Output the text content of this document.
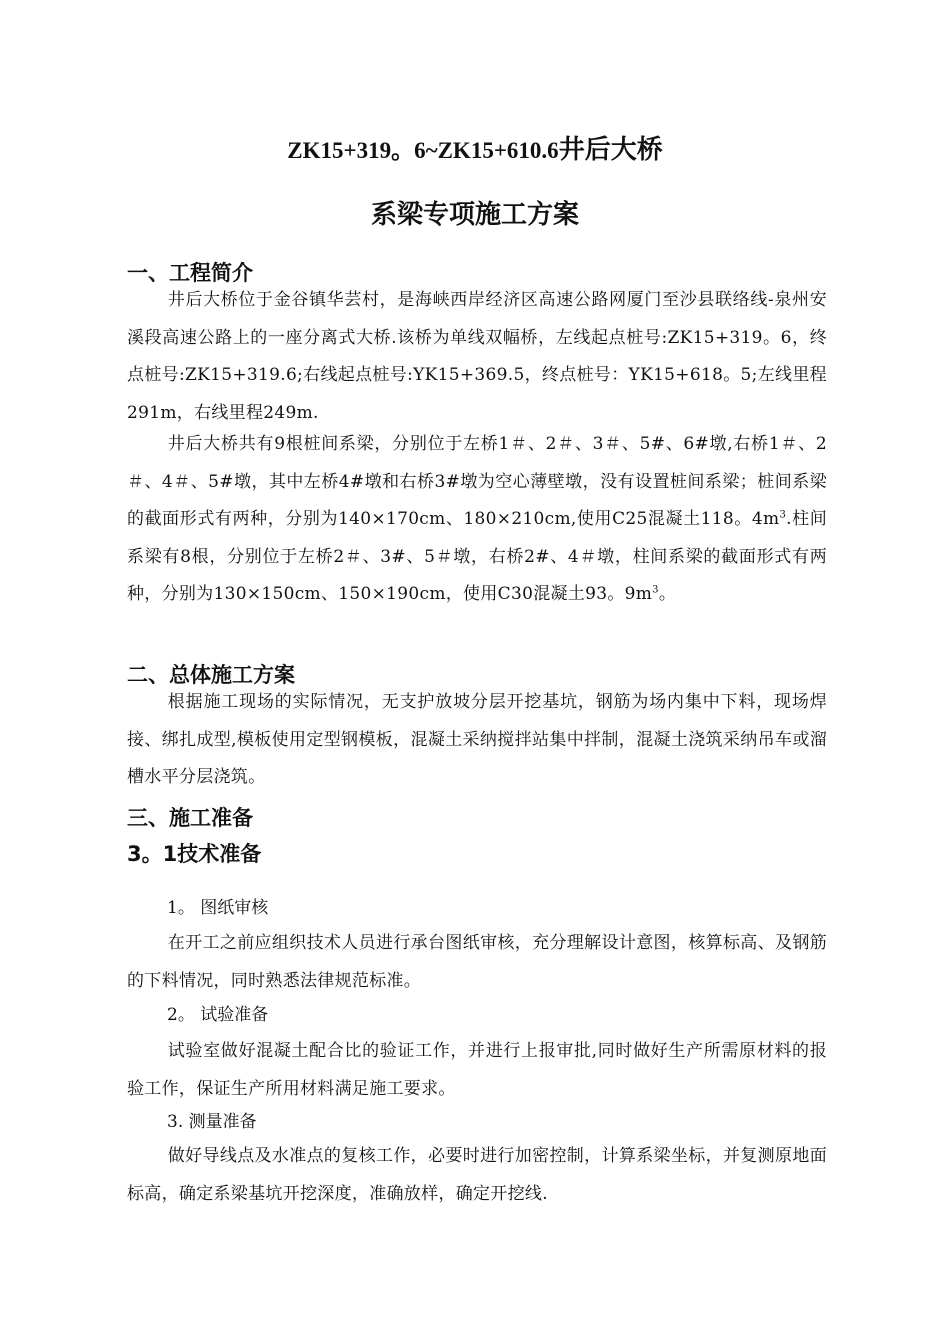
ZK15+319。6~ZK15+610.6井后大桥
系梁专项施工方案
一、工程简介

井后大桥位于金谷镇华芸村，是海峡西岸经济区高速公路网厦门至沙县联络线-泉州安溪段高速公路上的一座分离式大桥.该桥为单线双幅桥，左线起点桩号:ZK15+319。6，终点桩号:ZK15+319.6;右线起点桩号:YK15+369.5，终点桩号：YK15+618。5;左线里程291m，右线里程249m.

井后大桥共有9根桩间系梁，分别位于左桥1＃、2＃、3＃、5#、6#墩,右桥1＃、2＃、4＃、5#墩，其中左桥4#墩和右桥3#墩为空心薄壁墩，没有设置桩间系梁；桩间系梁的截面形式有两种，分别为140×170cm、180×210cm,使用C25混凝土118。$4m^3$.柱间系梁有8根，分别位于左桥2＃、3#、5＃墩，右桥2#、4＃墩，柱间系梁的截面形式有两种，分别为130×150cm、150×190cm，使用C30混凝土93。$9m^3$。

二、总体施工方案

根据施工现场的实际情况，无支护放坡分层开挖基坑，钢筋为场内集中下料，现场焊接、绑扎成型,模板使用定型钢模板，混凝土采纳搅拌站集中拌制，混凝土浇筑采纳吊车或溜槽水平分层浇筑。

三、施工准备
3。1技术准备
1。 图纸审核

在开工之前应组织技术人员进行承台图纸审核，充分理解设计意图，核算标高、及钢筋的下料情况，同时熟悉法律规范标准。

2。 试验准备

试验室做好混凝土配合比的验证工作，并进行上报审批,同时做好生产所需原材料的报验工作，保证生产所用材料满足施工要求。

3. 测量准备

做好导线点及水准点的复核工作，必要时进行加密控制，计算系梁坐标，并复测原地面标高，确定系梁基坑开挖深度，准确放样，确定开挖线.
